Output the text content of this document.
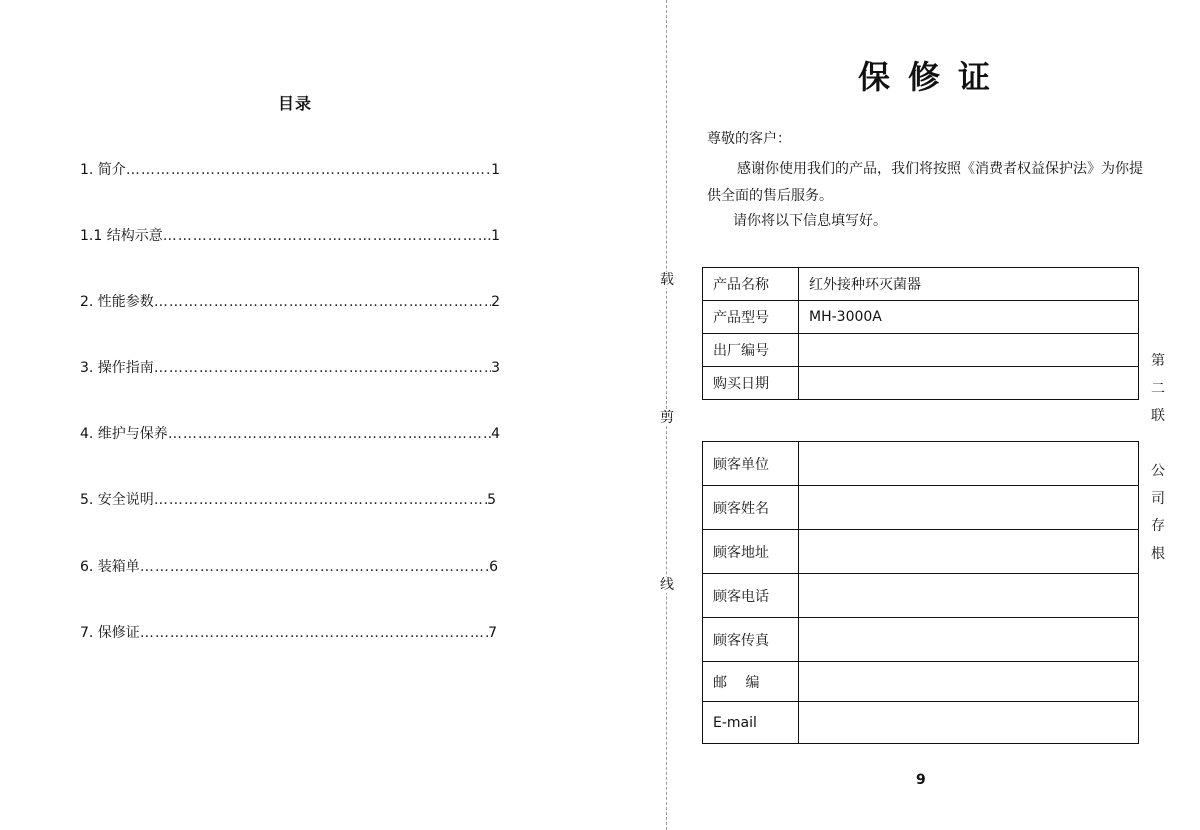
目录
1. 简介 ……………………………………………………………………………………………………	1
1.1 结构示意 ……………………………………………………………………………………………………	1
2. 性能参数 ……………………………………………………………………………………………………	2
3. 操作指南 ……………………………………………………………………………………………………	3
4. 维护与保养 ……………………………………………………………………………………………………	4
5. 安全说明 ……………………………………………………………………………………………………	5
6. 装箱单 ……………………………………………………………………………………………………	6
7. 保修证 ……………………………………………………………………………………………………	7
载
剪
线
保修证
尊敬的客户：
感谢你使用我们的产品，我们将按照《消费者权益保护法》为你提供全面的售后服务。
请你将以下信息填写好。
产品名称	红外接种环灭菌器
产品型号	MH-3000A
出厂编号	
购买日期	
顾客单位	
顾客姓名	
顾客地址	
顾客电话	
顾客传真	
邮　 编	
E-mail	
第
二
联

公
司
存
根
9
